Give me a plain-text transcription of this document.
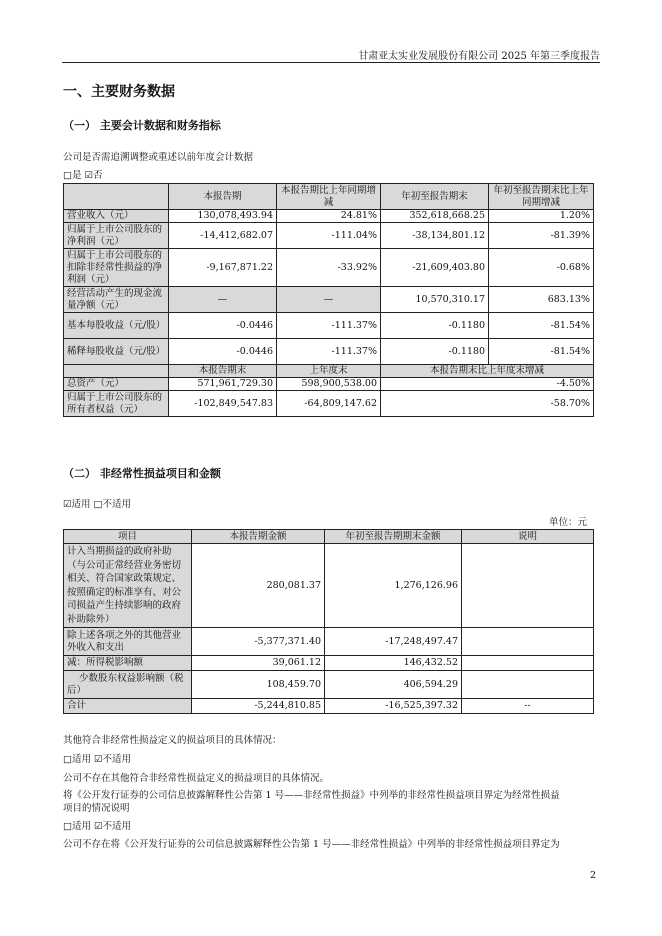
甘肃亚太实业发展股份有限公司 2025 年第三季度报告
一、主要财务数据
（一） 主要会计数据和财务指标
公司是否需追溯调整或重述以前年度会计数据
□是 ☑否
	本报告期	本报告期比上年同期增减	年初至报告期末	年初至报告期末比上年同期增减
营业收入（元）	130,078,493.94	24.81%	352,618,668.25	1.20%
归属于上市公司股东的净利润（元）	-14,412,682.07	-111.04%	-38,134,801.12	-81.39%
归属于上市公司股东的扣除非经常性损益的净利润（元）	-9,167,871.22	-33.92%	-21,609,403.80	-0.68%
经营活动产生的现金流量净额（元）	—	—	10,570,310.17	683.13%
基本每股收益（元/股）	-0.0446	-111.37%	-0.1180	-81.54%
稀释每股收益（元/股）	-0.0446	-111.37%	-0.1180	-81.54%
	本报告期末	上年度末	本报告期末比上年度末增减	
总资产（元）	571,961,729.30	598,900,538.00	-4.50%	
归属于上市公司股东的所有者权益（元）	-102,849,547.83	-64,809,147.62	-58.70%	
（二） 非经常性损益项目和金额
☑适用 □不适用
单位：元
项目	本报告期金额	年初至报告期期末金额	说明
计入当期损益的政府补助（与公司正常经营业务密切相关、符合国家政策规定、按照确定的标准享有、对公司损益产生持续影响的政府补助除外）	280,081.37	1,276,126.96	
除上述各项之外的其他营业外收入和支出	-5,377,371.40	-17,248,497.47	
减：所得税影响额	39,061.12	146,432.52	
少数股东权益影响额（税后）	108,459.70	406,594.29	
合计	-5,244,810.85	-16,525,397.32	--
其他符合非经常性损益定义的损益项目的具体情况：
□适用 ☑不适用
公司不存在其他符合非经常性损益定义的损益项目的具体情况。
将《公开发行证券的公司信息披露解释性公告第 1 号——非经常性损益》中列举的非经常性损益项目界定为经常性损益
项目的情况说明
□适用 ☑不适用
公司不存在将《公开发行证券的公司信息披露解释性公告第 1 号——非经常性损益》中列举的非经常性损益项目界定为
2
